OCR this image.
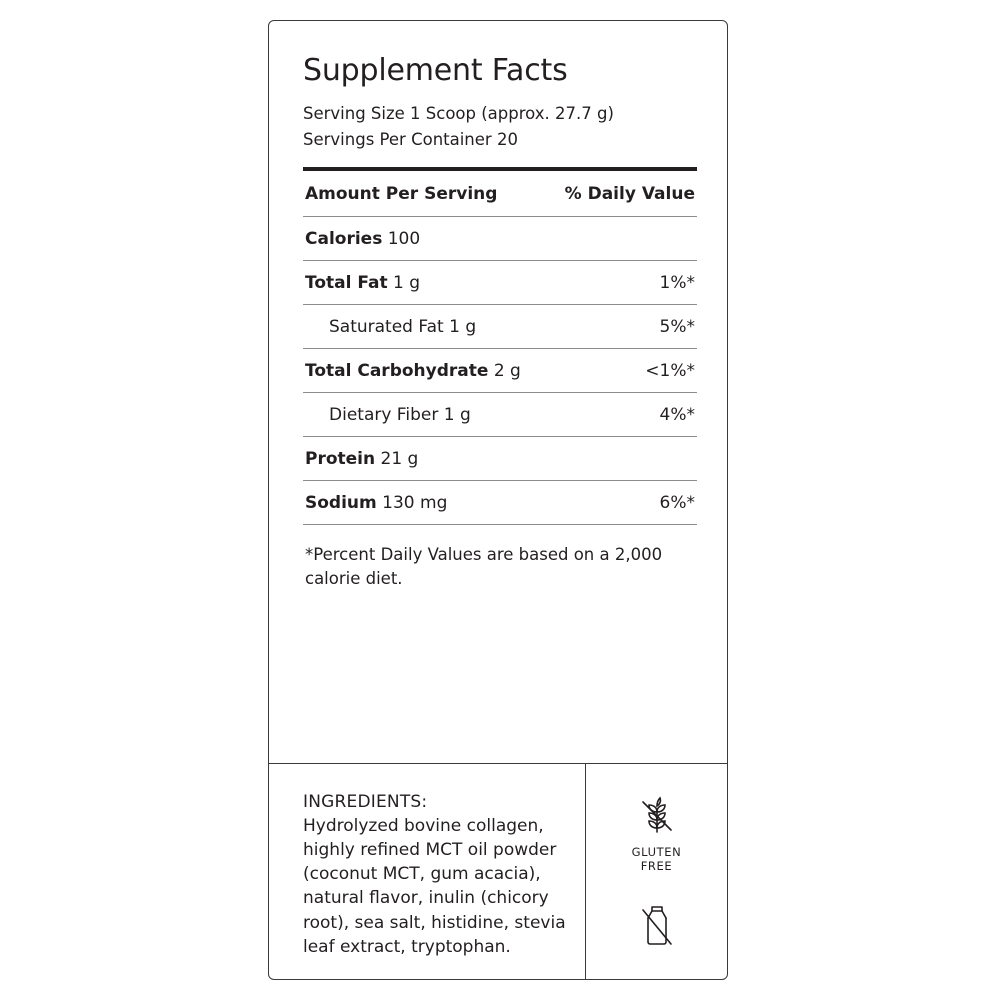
Supplement Facts
Serving Size 1 Scoop (approx. 27.7 g)
Servings Per Container 20
Amount Per Serving	% Daily Value
Calories 100
Total Fat 1 g	1%*
Saturated Fat 1 g	5%*
Total Carbohydrate 2 g	<1%*
Dietary Fiber 1 g	4%*
Protein 21 g
Sodium 130 mg	6%*
*Percent Daily Values are based on a 2,000 calorie diet.
INGREDIENTS:
Hydrolyzed bovine collagen, highly refined MCT oil powder (coconut MCT, gum acacia), natural flavor, inulin (chicory root), sea salt, histidine, stevia leaf extract, tryptophan.
GLUTEN
FREE
